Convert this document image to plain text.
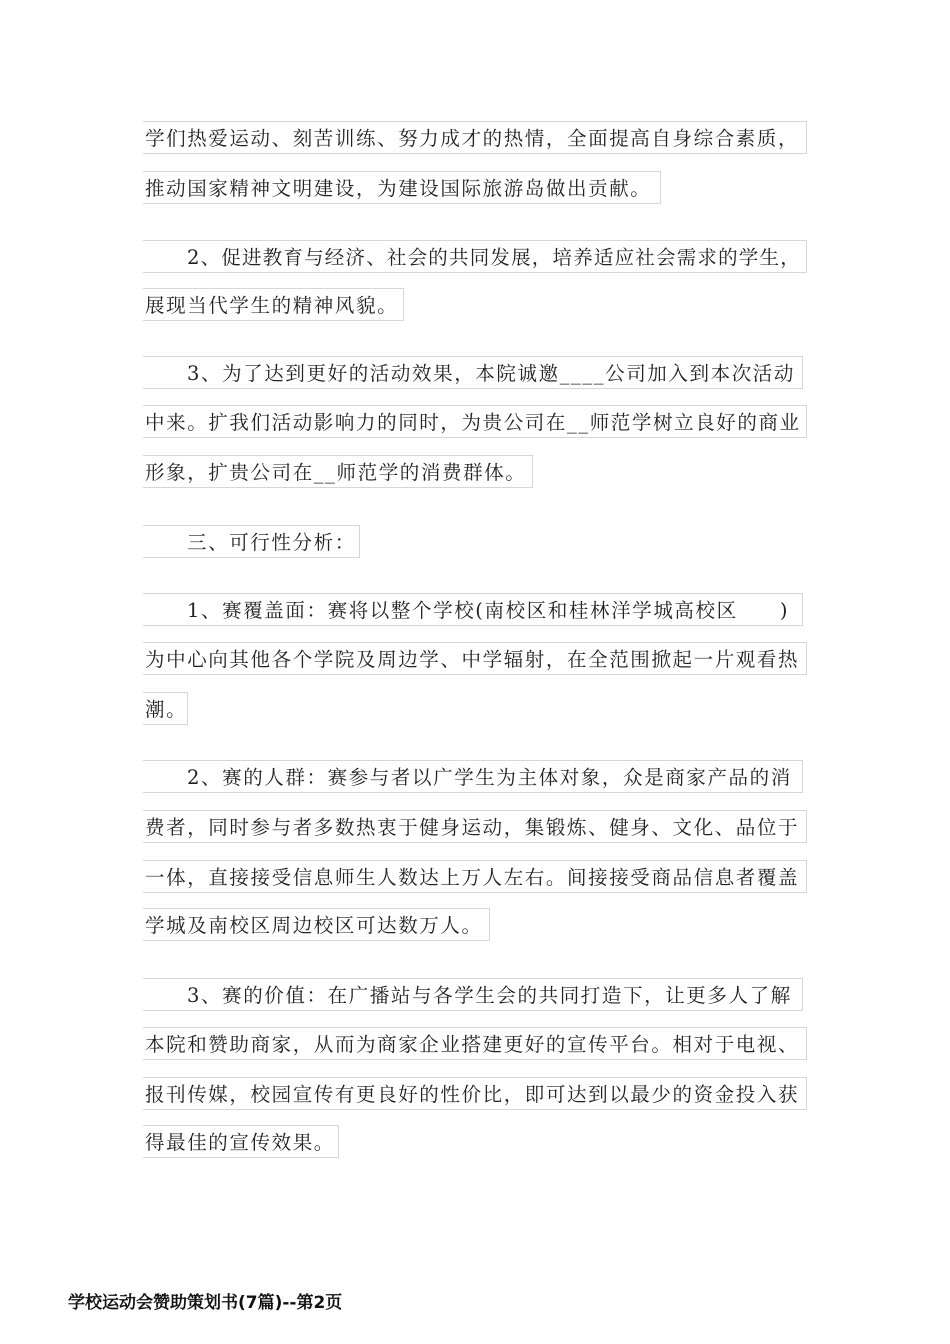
学们热爱运动、刻苦训练、努力成才的热情，全面提高自身综合素质，
推动国家精神文明建设，为建设国际旅游岛做出贡献。
2、促进教育与经济、社会的共同发展，培养适应社会需求的学生，
展现当代学生的精神风貌。
3、为了达到更好的活动效果，本院诚邀____公司加入到本次活动
中来。扩我们活动影响力的同时，为贵公司在__师范学树立良好的商业
形象，扩贵公司在__师范学的消费群体。
三、可行性分析：
1、赛覆盖面：赛将以整个学校(南校区和桂林洋学城高校区　　)
为中心向其他各个学院及周边学、中学辐射，在全范围掀起一片观看热
潮。
2、赛的人群：赛参与者以广学生为主体对象，众是商家产品的消
费者，同时参与者多数热衷于健身运动，集锻炼、健身、文化、品位于
一体，直接接受信息师生人数达上万人左右。间接接受商品信息者覆盖
学城及南校区周边校区可达数万人。
3、赛的价值：在广播站与各学生会的共同打造下，让更多人了解
本院和赞助商家，从而为商家企业搭建更好的宣传平台。相对于电视、
报刊传媒，校园宣传有更良好的性价比，即可达到以最少的资金投入获
得最佳的宣传效果。
学校运动会赞助策划书(7篇)--第2页
